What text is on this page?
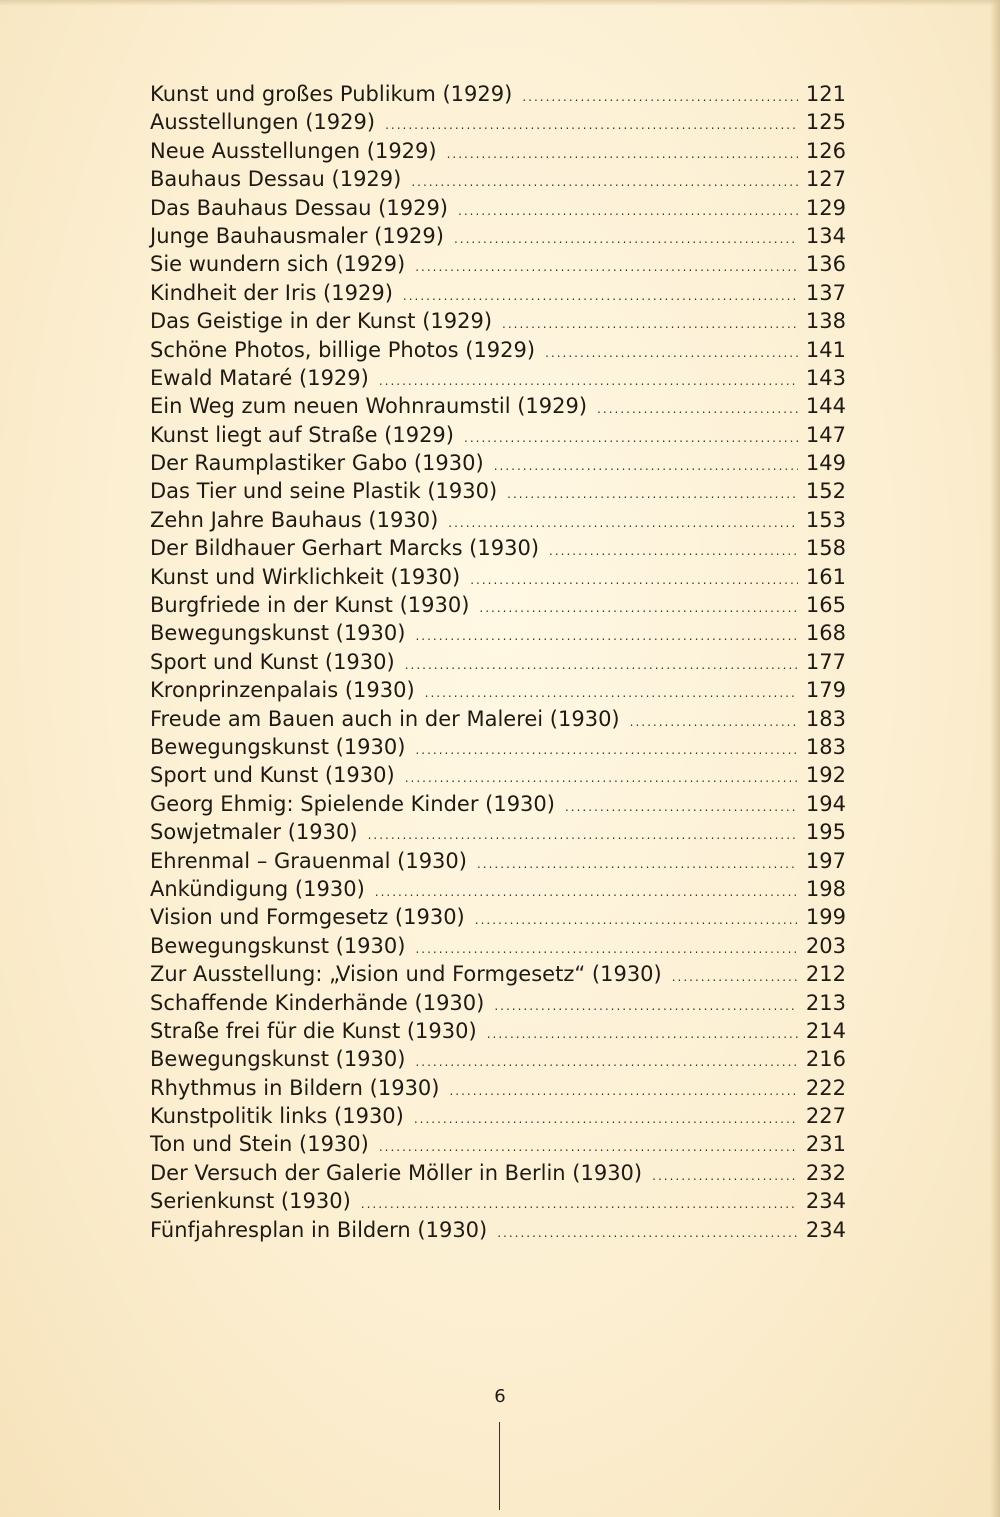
Kunst und großes Publikum (1929) .....	121
Ausstellungen (1929) .....	125
Neue Ausstellungen (1929) .....	126
Bauhaus Dessau (1929) .....	127
Das Bauhaus Dessau (1929) .....	129
Junge Bauhausmaler (1929) .....	134
Sie wundern sich (1929) .....	136
Kindheit der Iris (1929) .....	137
Das Geistige in der Kunst (1929) .....	138
Schöne Photos, billige Photos (1929) .....	141
Ewald Mataré (1929) .....	143
Ein Weg zum neuen Wohnraumstil (1929) .....	144
Kunst liegt auf Straße (1929) .....	147
Der Raumplastiker Gabo (1930) .....	149
Das Tier und seine Plastik (1930) .....	152
Zehn Jahre Bauhaus (1930) .....	153
Der Bildhauer Gerhart Marcks (1930) .....	158
Kunst und Wirklichkeit (1930) .....	161
Burgfriede in der Kunst (1930) .....	165
Bewegungskunst (1930) .....	168
Sport und Kunst (1930) .....	177
Kronprinzenpalais (1930) .....	179
Freude am Bauen auch in der Malerei (1930) .....	183
Bewegungskunst (1930) .....	183
Sport und Kunst (1930) .....	192
Georg Ehmig: Spielende Kinder (1930) .....	194
Sowjetmaler (1930) .....	195
Ehrenmal – Grauenmal (1930) .....	197
Ankündigung (1930) .....	198
Vision und Formgesetz (1930) .....	199
Bewegungskunst (1930) .....	203
Zur Ausstellung: „Vision und Formgesetz“ (1930) .....	212
Schaffende Kinderhände (1930) .....	213
Straße frei für die Kunst (1930) .....	214
Bewegungskunst (1930) .....	216
Rhythmus in Bildern (1930) .....	222
Kunstpolitik links (1930) .....	227
Ton und Stein (1930) .....	231
Der Versuch der Galerie Möller in Berlin (1930) .....	232
Serienkunst (1930) .....	234
Fünfjahresplan in Bildern (1930) .....	234
6
